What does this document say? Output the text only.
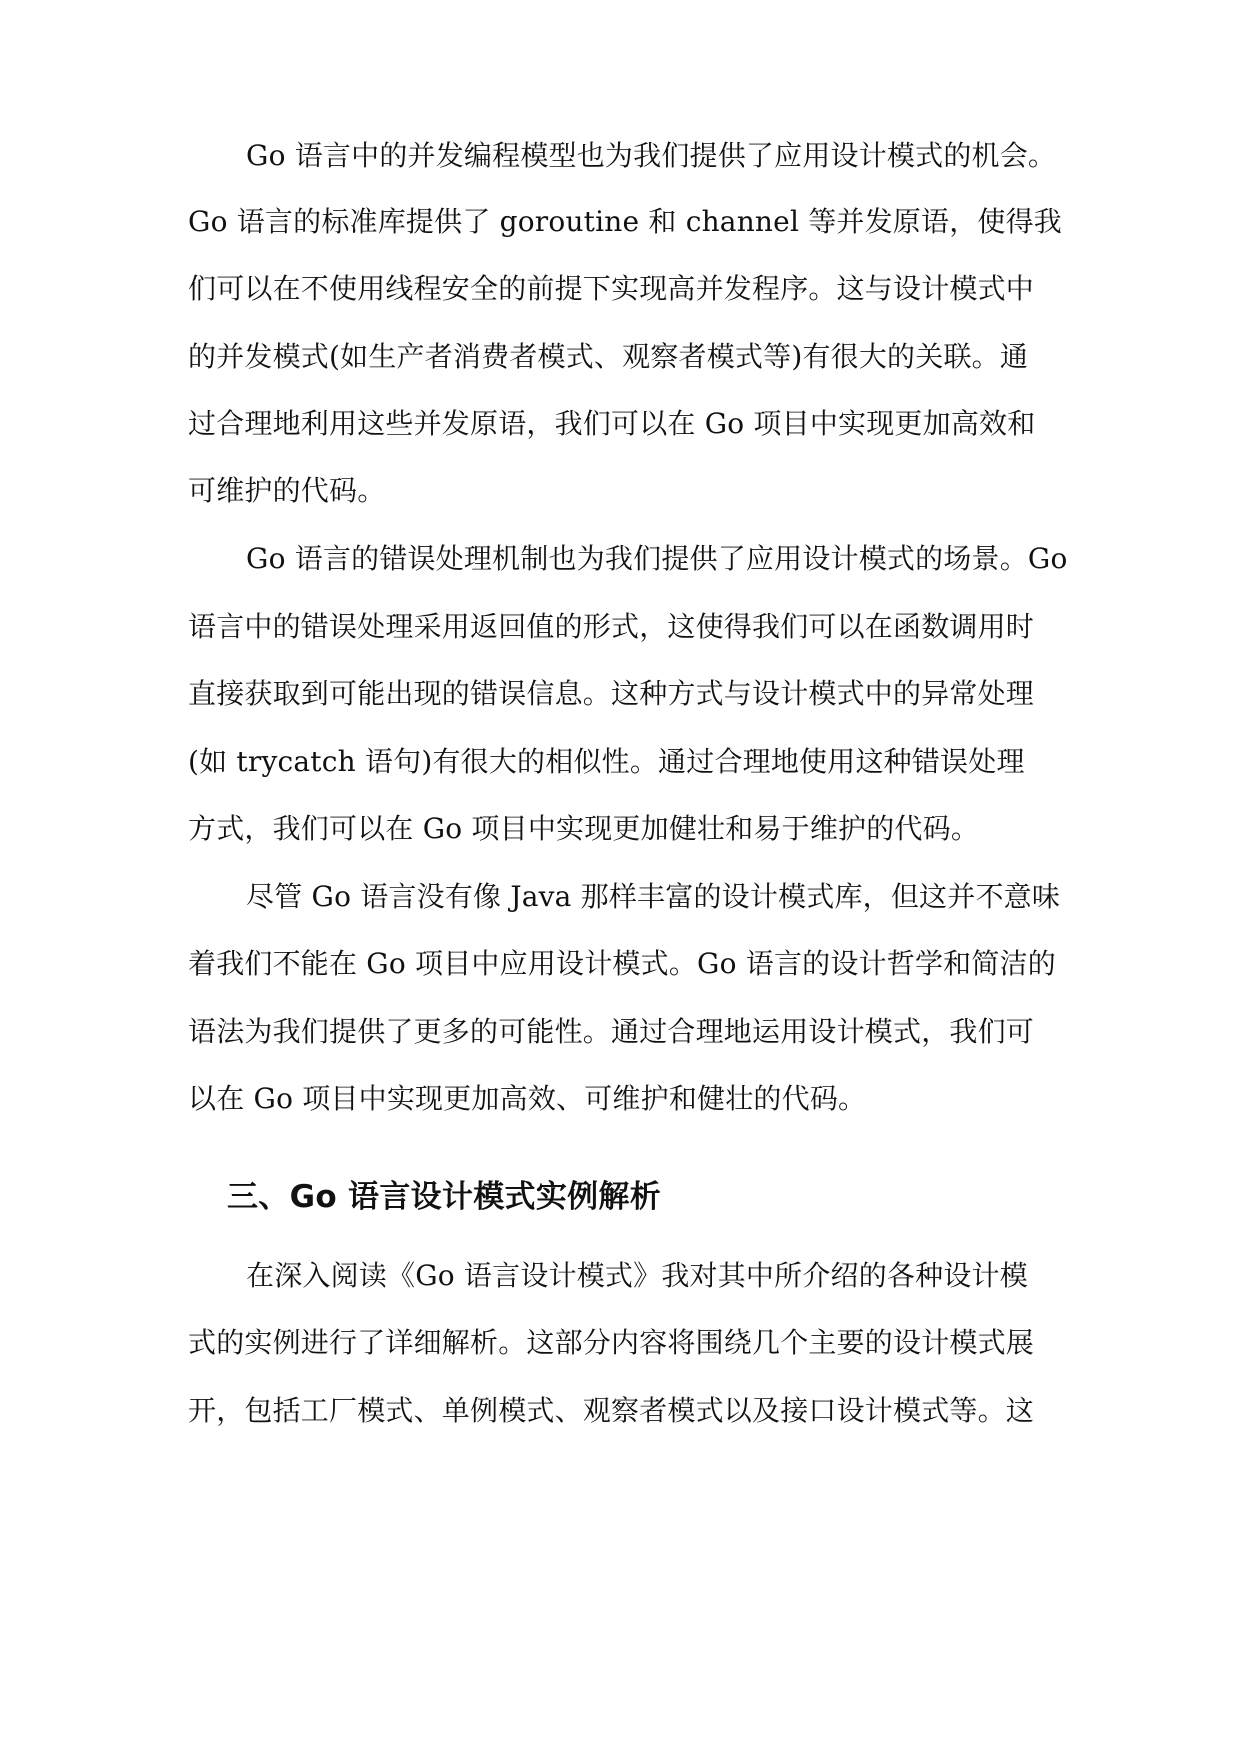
Go 语言中的并发编程模型也为我们提供了应用设计模式的机会。
Go 语言的标准库提供了 goroutine 和 channel 等并发原语，使得我
们可以在不使用线程安全的前提下实现高并发程序。这与设计模式中
的并发模式(如生产者消费者模式、观察者模式等)有很大的关联。通
过合理地利用这些并发原语，我们可以在 Go 项目中实现更加高效和
可维护的代码。
Go 语言的错误处理机制也为我们提供了应用设计模式的场景。Go
语言中的错误处理采用返回值的形式，这使得我们可以在函数调用时
直接获取到可能出现的错误信息。这种方式与设计模式中的异常处理
(如 trycatch 语句)有很大的相似性。通过合理地使用这种错误处理
方式，我们可以在 Go 项目中实现更加健壮和易于维护的代码。
尽管 Go 语言没有像 Java 那样丰富的设计模式库，但这并不意味
着我们不能在 Go 项目中应用设计模式。Go 语言的设计哲学和简洁的
语法为我们提供了更多的可能性。通过合理地运用设计模式，我们可
以在 Go 项目中实现更加高效、可维护和健壮的代码。
三、Go 语言设计模式实例解析
在深入阅读《Go 语言设计模式》我对其中所介绍的各种设计模
式的实例进行了详细解析。这部分内容将围绕几个主要的设计模式展
开，包括工厂模式、单例模式、观察者模式以及接口设计模式等。这
